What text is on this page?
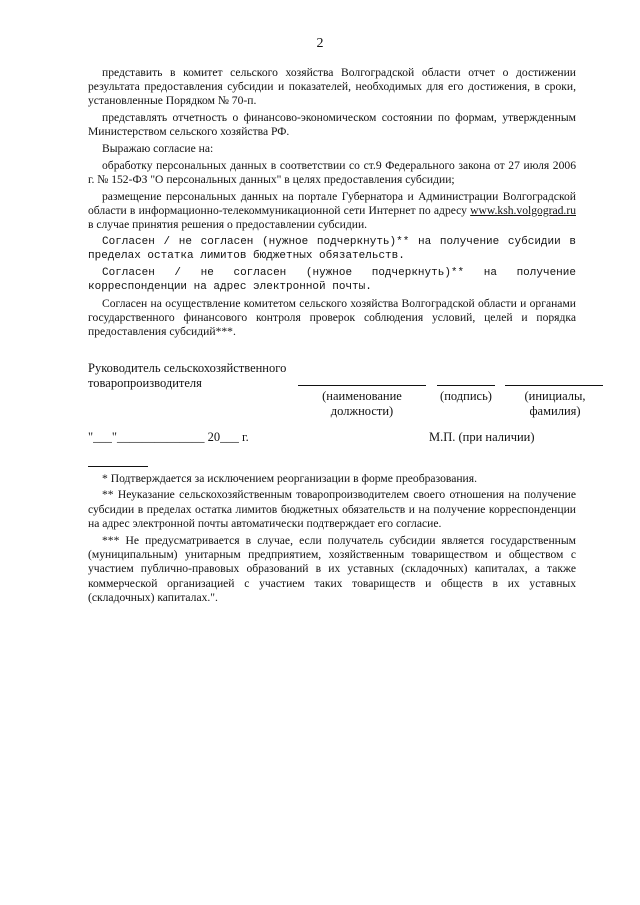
2

представить в комитет сельского хозяйства Волгоградской области отчет о достижении результата предоставления субсидии и показателей, необходимых для его достижения, в сроки, установленные Порядком № 70-п.

представлять отчетность о финансово-экономическом состоянии по формам, утвержденным Министерством сельского хозяйства РФ.

Выражаю согласие на:

обработку персональных данных в соответствии со ст.9 Федерального закона от 27 июля 2006 г. № 152-ФЗ "О персональных данных" в целях предоставления субсидии;

размещение персональных данных на портале Губернатора и Администрации Волгоградской области в информационно-телекоммуникационной сети Интернет по адресу www.ksh.volgograd.ru в случае принятия решения о предоставлении субсидии.

Согласен / не согласен (нужное подчеркнуть)** на получение субсидии в пределах остатка лимитов бюджетных обязательств.

Согласен / не согласен (нужное подчеркнуть)** на получение корреспонденции на адрес электронной почты.

Согласен на осуществление комитетом сельского хозяйства Волгоградской области и органами государственного финансового контроля проверок соблюдения условий, целей и порядка предоставления субсидий***.

Руководитель сельскохозяйственного товаропроизводителя
(наименование должности)
(подпись)	(инициалы, фамилия)
"___"______________ 20___ г.	М.П. (при наличии)

* Подтверждается за исключением реорганизации в форме преобразования.

** Неуказание сельскохозяйственным товаропроизводителем своего отношения на получение субсидии в пределах остатка лимитов бюджетных обязательств и на получение корреспонденции на адрес электронной почты автоматически подтверждает его согласие.

*** Не предусматривается в случае, если получатель субсидии является государственным (муниципальным) унитарным предприятием, хозяйственным товариществом и обществом с участием публично-правовых образований в их уставных (складочных) капиталах, а также коммерческой организацией с участием таких товариществ и обществ в их уставных (складочных) капиталах.".
